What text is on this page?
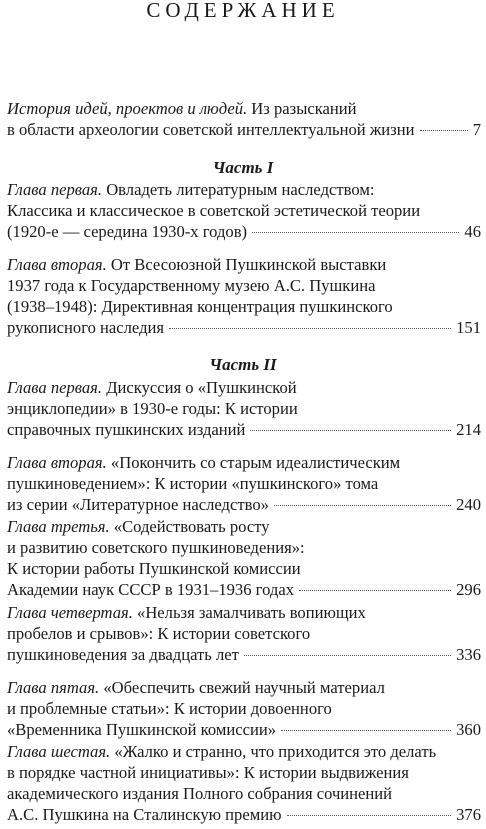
СОДЕРЖАНИЕ
История идей, проектов и людей. Из разысканий
в области археологии советской интеллектуальной жизни	7
Часть I
Глава первая. Овладеть литературным наследством:
Классика и классическое в советской эстетической теории
(1920-е — середина 1930-х годов)	46
Глава вторая. От Всесоюзной Пушкинской выставки
1937 года к Государственному музею А.С. Пушкина
(1938–1948): Директивная концентрация пушкинского
рукописного наследия	151
Часть II
Глава первая. Дискуссия о «Пушкинской
энциклопедии» в 1930-е годы: К истории
справочных пушкинских изданий	214
Глава вторая. «Покончить со старым идеалистическим
пушкиноведением»: К истории «пушкинского» тома
из серии «Литературное наследство»	240
Глава третья. «Содействовать росту
и развитию советского пушкиноведения»:
К истории работы Пушкинской комиссии
Академии наук СССР в 1931–1936 годах	296
Глава четвертая. «Нельзя замалчивать вопиющих
пробелов и срывов»: К истории советского
пушкиноведения за двадцать лет	336
Глава пятая. «Обеспечить свежий научный материал
и проблемные статьи»: К истории довоенного
«Временника Пушкинской комиссии»	360
Глава шестая. «Жалко и странно, что приходится это делать
в порядке частной инициативы»: К истории выдвижения
академического издания Полного собрания сочинений
А.С. Пушкина на Сталинскую премию	376
